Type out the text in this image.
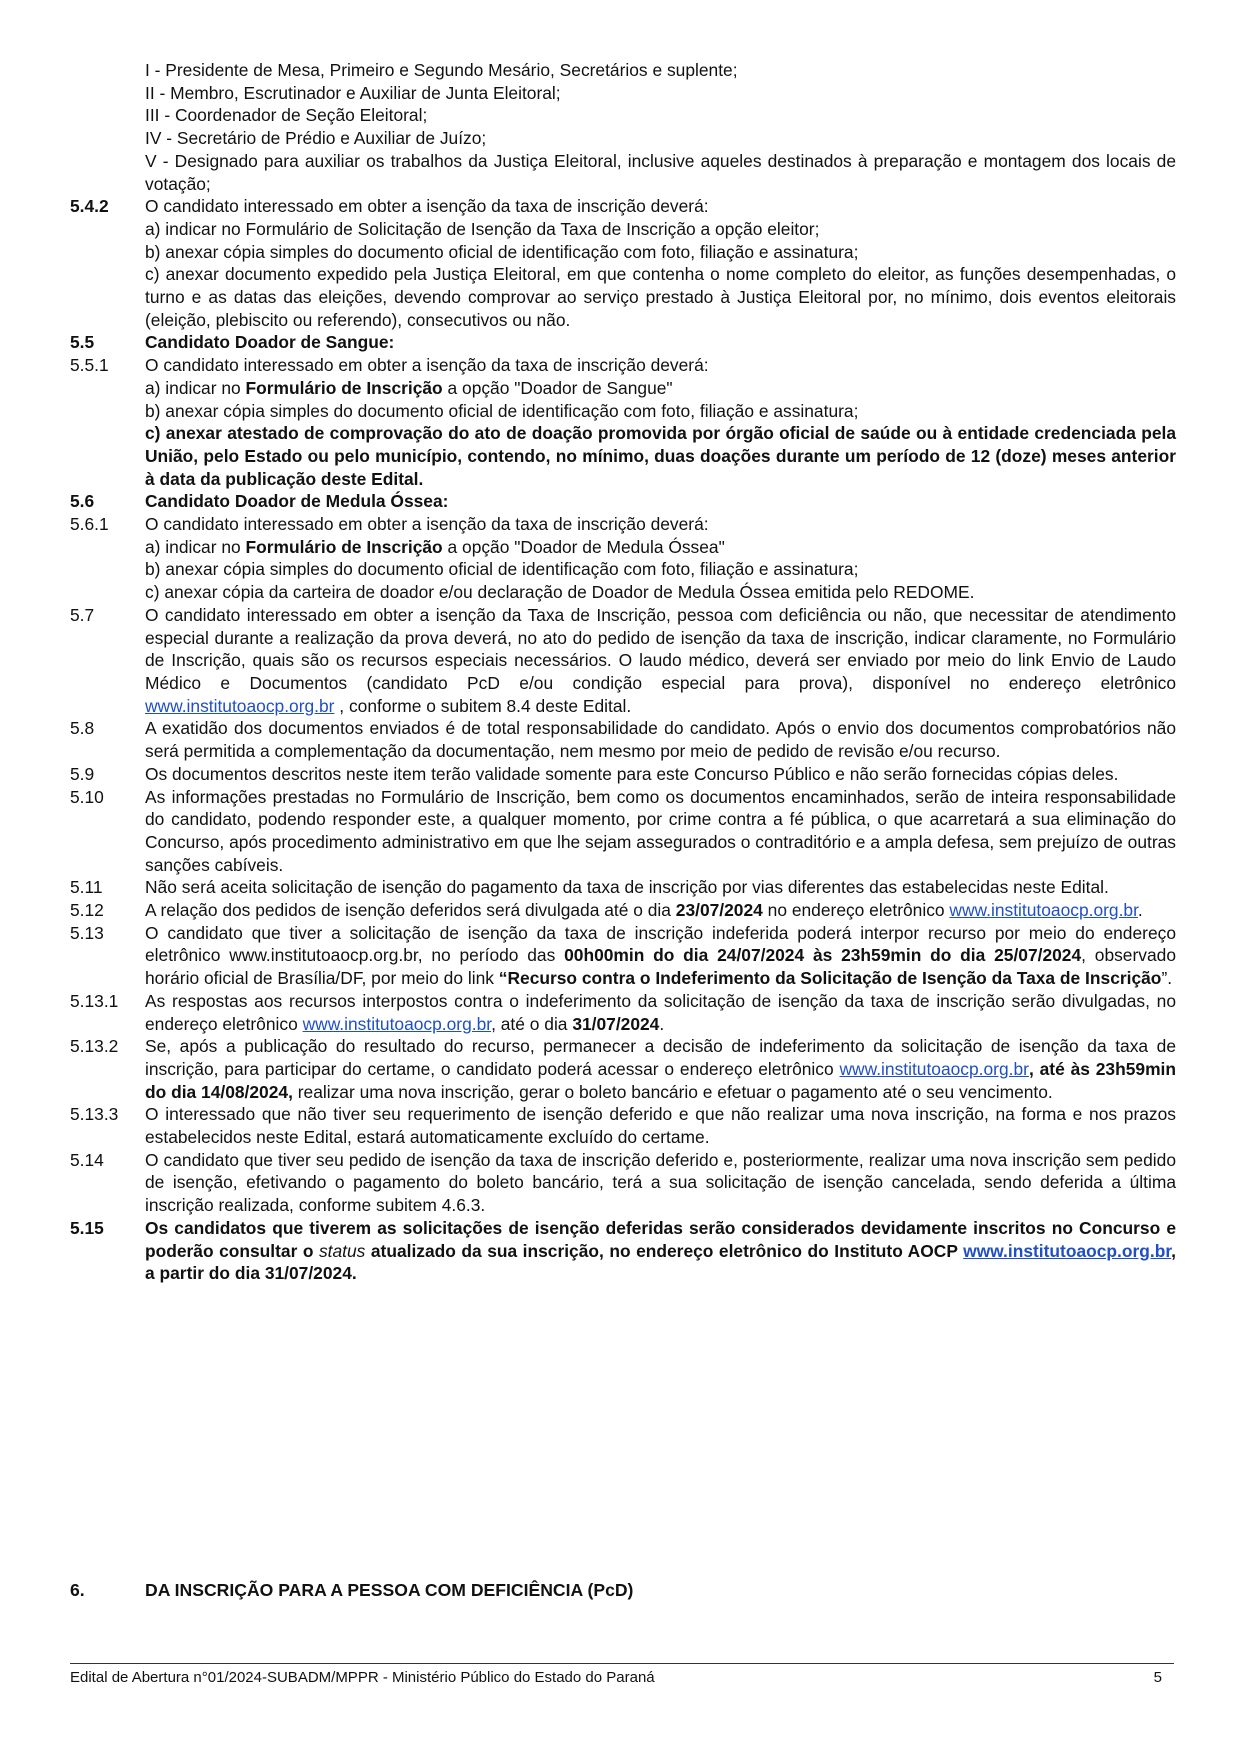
I - Presidente de Mesa, Primeiro e Segundo Mesário, Secretários e suplente;
II - Membro, Escrutinador e Auxiliar de Junta Eleitoral;
III - Coordenador de Seção Eleitoral;
IV - Secretário de Prédio e Auxiliar de Juízo;
V - Designado para auxiliar os trabalhos da Justiça Eleitoral, inclusive aqueles destinados à preparação e montagem dos locais de votação;
5.4.2	O candidato interessado em obter a isenção da taxa de inscrição deverá:
a) indicar no Formulário de Solicitação de Isenção da Taxa de Inscrição a opção eleitor;
b) anexar cópia simples do documento oficial de identificação com foto, filiação e assinatura;
c) anexar documento expedido pela Justiça Eleitoral, em que contenha o nome completo do eleitor, as funções desempenhadas, o turno e as datas das eleições, devendo comprovar ao serviço prestado à Justiça Eleitoral por, no mínimo, dois eventos eleitorais (eleição, plebiscito ou referendo), consecutivos ou não.
5.5	Candidato Doador de Sangue:
5.5.1	O candidato interessado em obter a isenção da taxa de inscrição deverá:
a) indicar no Formulário de Inscrição a opção "Doador de Sangue"
b) anexar cópia simples do documento oficial de identificação com foto, filiação e assinatura;
c) anexar atestado de comprovação do ato de doação promovida por órgão oficial de saúde ou à entidade credenciada pela União, pelo Estado ou pelo município, contendo, no mínimo, duas doações durante um período de 12 (doze) meses anterior à data da publicação deste Edital.
5.6	Candidato Doador de Medula Óssea:
5.6.1	O candidato interessado em obter a isenção da taxa de inscrição deverá:
a) indicar no Formulário de Inscrição a opção "Doador de Medula Óssea"
b) anexar cópia simples do documento oficial de identificação com foto, filiação e assinatura;
c) anexar cópia da carteira de doador e/ou declaração de Doador de Medula Óssea emitida pelo REDOME.
5.7	O candidato interessado em obter a isenção da Taxa de Inscrição, pessoa com deficiência ou não, que necessitar de atendimento especial durante a realização da prova deverá, no ato do pedido de isenção da taxa de inscrição, indicar claramente, no Formulário de Inscrição, quais são os recursos especiais necessários. O laudo médico, deverá ser enviado por meio do link Envio de Laudo Médico e Documentos (candidato PcD e/ou condição especial para prova), disponível no endereço eletrônico www.institutoaocp.org.br , conforme o subitem 8.4 deste Edital.
5.8	A exatidão dos documentos enviados é de total responsabilidade do candidato. Após o envio dos documentos comprobatórios não será permitida a complementação da documentação, nem mesmo por meio de pedido de revisão e/ou recurso.
5.9	Os documentos descritos neste item terão validade somente para este Concurso Público e não serão fornecidas cópias deles.
5.10	As informações prestadas no Formulário de Inscrição, bem como os documentos encaminhados, serão de inteira responsabilidade do candidato, podendo responder este, a qualquer momento, por crime contra a fé pública, o que acarretará a sua eliminação do Concurso, após procedimento administrativo em que lhe sejam assegurados o contraditório e a ampla defesa, sem prejuízo de outras sanções cabíveis.
5.11	Não será aceita solicitação de isenção do pagamento da taxa de inscrição por vias diferentes das estabelecidas neste Edital.
5.12	A relação dos pedidos de isenção deferidos será divulgada até o dia 23/07/2024 no endereço eletrônico www.institutoaocp.org.br.
5.13	O candidato que tiver a solicitação de isenção da taxa de inscrição indeferida poderá interpor recurso por meio do endereço eletrônico www.institutoaocp.org.br, no período das 00h00min do dia 24/07/2024 às 23h59min do dia 25/07/2024, observado horário oficial de Brasília/DF, por meio do link “Recurso contra o Indeferimento da Solicitação de Isenção da Taxa de Inscrição”.
5.13.1	As respostas aos recursos interpostos contra o indeferimento da solicitação de isenção da taxa de inscrição serão divulgadas, no endereço eletrônico www.institutoaocp.org.br, até o dia 31/07/2024.
5.13.2	Se, após a publicação do resultado do recurso, permanecer a decisão de indeferimento da solicitação de isenção da taxa de inscrição, para participar do certame, o candidato poderá acessar o endereço eletrônico www.institutoaocp.org.br, até às 23h59min do dia 14/08/2024, realizar uma nova inscrição, gerar o boleto bancário e efetuar o pagamento até o seu vencimento.
5.13.3	O interessado que não tiver seu requerimento de isenção deferido e que não realizar uma nova inscrição, na forma e nos prazos estabelecidos neste Edital, estará automaticamente excluído do certame.
5.14	O candidato que tiver seu pedido de isenção da taxa de inscrição deferido e, posteriormente, realizar uma nova inscrição sem pedido de isenção, efetivando o pagamento do boleto bancário, terá a sua solicitação de isenção cancelada, sendo deferida a última inscrição realizada, conforme subitem 4.6.3.
5.15	Os candidatos que tiverem as solicitações de isenção deferidas serão considerados devidamente inscritos no Concurso e poderão consultar o status atualizado da sua inscrição, no endereço eletrônico do Instituto AOCP www.institutoaocp.org.br, a partir do dia 31/07/2024.
6.	DA INSCRIÇÃO PARA A PESSOA COM DEFICIÊNCIA (PcD)
Edital de Abertura n°01/2024-SUBADM/MPPR - Ministério Público do Estado do Paraná	5
